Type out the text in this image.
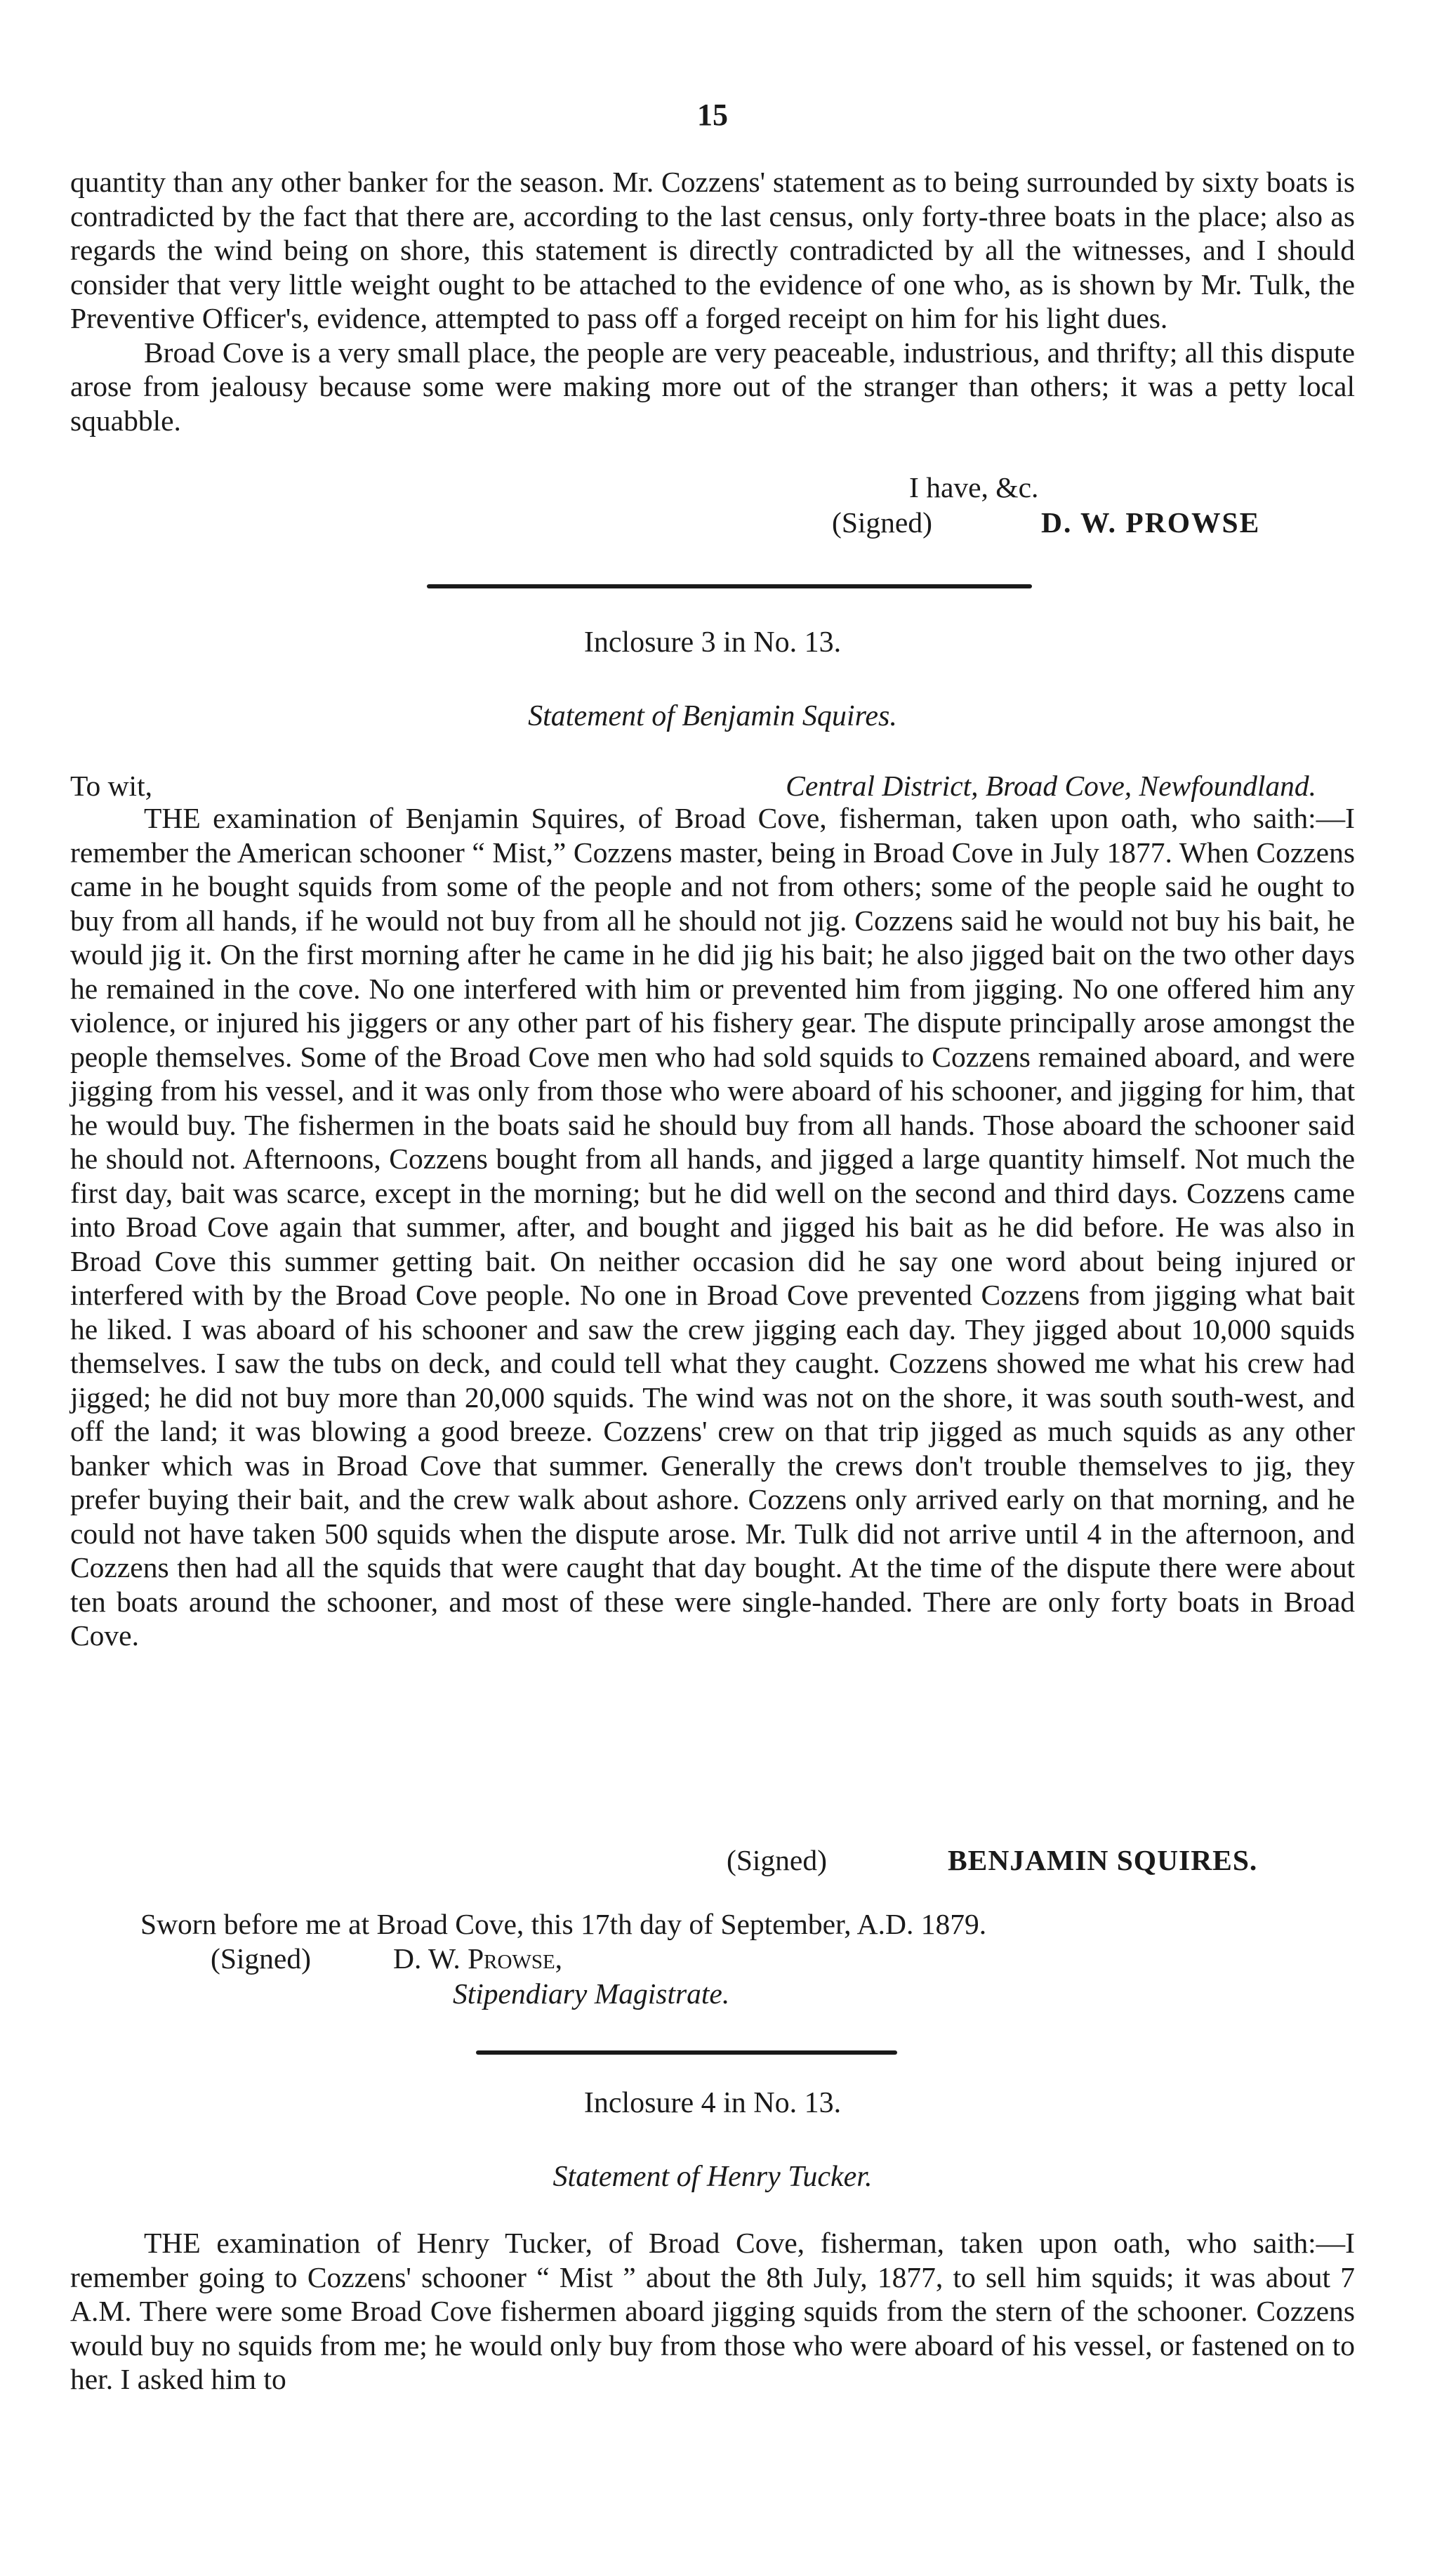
15

quantity than any other banker for the season. Mr. Cozzens' statement as to being surrounded by sixty boats is contradicted by the fact that there are, according to the last census, only forty-three boats in the place; also as regards the wind being on shore, this statement is directly contradicted by all the witnesses, and I should consider that very little weight ought to be attached to the evidence of one who, as is shown by Mr. Tulk, the Preventive Officer's, evidence, attempted to pass off a forged receipt on him for his light dues.

Broad Cove is a very small place, the people are very peaceable, industrious, and thrifty; all this dispute arose from jealousy because some were making more out of the stranger than others; it was a petty local squabble.

I have, &c.
(Signed)	D. W. PROWSE
Inclosure 3 in No. 13.
Statement of Benjamin Squires.
To wit,	Central District, Broad Cove, Newfoundland.

THE examination of Benjamin Squires, of Broad Cove, fisherman, taken upon oath, who saith:—I remember the American schooner “ Mist,” Cozzens master, being in Broad Cove in July 1877. When Cozzens came in he bought squids from some of the people and not from others; some of the people said he ought to buy from all hands, if he would not buy from all he should not jig. Cozzens said he would not buy his bait, he would jig it. On the first morning after he came in he did jig his bait; he also jigged bait on the two other days he remained in the cove. No one interfered with him or prevented him from jigging. No one offered him any violence, or injured his jiggers or any other part of his fishery gear. The dispute principally arose amongst the people themselves. Some of the Broad Cove men who had sold squids to Cozzens remained aboard, and were jigging from his vessel, and it was only from those who were aboard of his schooner, and jigging for him, that he would buy. The fishermen in the boats said he should buy from all hands. Those aboard the schooner said he should not. Afternoons, Cozzens bought from all hands, and jigged a large quantity himself. Not much the first day, bait was scarce, except in the morning; but he did well on the second and third days. Cozzens came into Broad Cove again that summer, after, and bought and jigged his bait as he did before. He was also in Broad Cove this summer getting bait. On neither occasion did he say one word about being injured or interfered with by the Broad Cove people. No one in Broad Cove prevented Cozzens from jigging what bait he liked. I was aboard of his schooner and saw the crew jigging each day. They jigged about 10,000 squids themselves. I saw the tubs on deck, and could tell what they caught. Cozzens showed me what his crew had jigged; he did not buy more than 20,000 squids. The wind was not on the shore, it was south south-west, and off the land; it was blowing a good breeze. Cozzens' crew on that trip jigged as much squids as any other banker which was in Broad Cove that summer. Generally the crews don't trouble themselves to jig, they prefer buying their bait, and the crew walk about ashore. Cozzens only arrived early on that morning, and he could not have taken 500 squids when the dispute arose. Mr. Tulk did not arrive until 4 in the afternoon, and Cozzens then had all the squids that were caught that day bought. At the time of the dispute there were about ten boats around the schooner, and most of these were single-handed. There are only forty boats in Broad Cove.

(Signed)	BENJAMIN SQUIRES.
Sworn before me at Broad Cove, this 17th day of September, A.D. 1879.
(Signed)	D. W. Prowse,
Stipendiary Magistrate.
Inclosure 4 in No. 13.
Statement of Henry Tucker.

THE examination of Henry Tucker, of Broad Cove, fisherman, taken upon oath, who saith:—I remember going to Cozzens' schooner “ Mist ” about the 8th July, 1877, to sell him squids; it was about 7 A.M. There were some Broad Cove fishermen aboard jigging squids from the stern of the schooner. Cozzens would buy no squids from me; he would only buy from those who were aboard of his vessel, or fastened on to her. I asked him to
